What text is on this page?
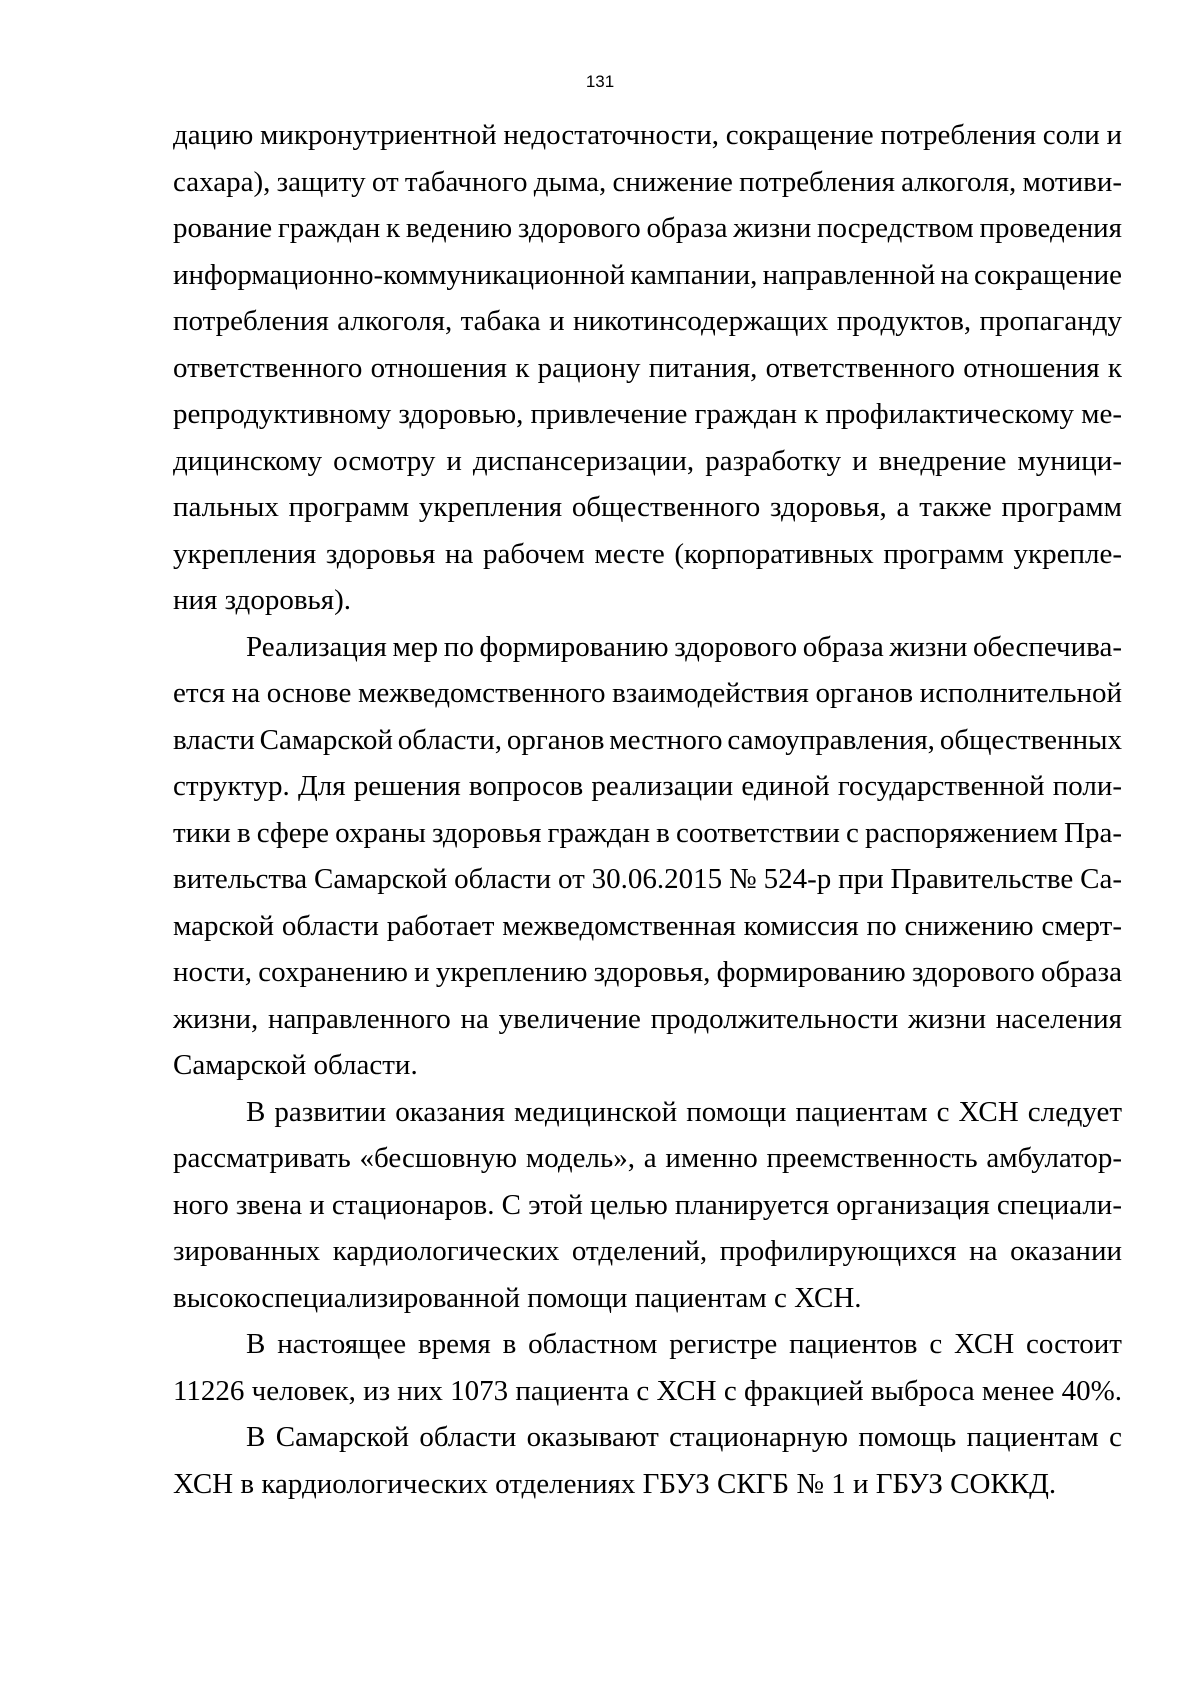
131
дацию микронутриентной недостаточности, сокращение потребления соли и
сахара), защиту от табачного дыма, снижение потребления алкоголя, мотиви-
рование граждан к ведению здорового образа жизни посредством проведения
информационно-коммуникационной кампании, направленной на сокращение
потребления алкоголя, табака и никотинсодержащих продуктов, пропаганду
ответственного отношения к рациону питания, ответственного отношения к
репродуктивному здоровью, привлечение граждан к профилактическому ме-
дицинскому осмотру и диспансеризации, разработку и внедрение муници-
пальных программ укрепления общественного здоровья, а также программ
укрепления здоровья на рабочем месте (корпоративных программ укрепле-
ния здоровья).
Реализация мер по формированию здорового образа жизни обеспечива-
ется на основе межведомственного взаимодействия органов исполнительной
власти Самарской области, органов местного самоуправления, общественных
структур. Для решения вопросов реализации единой государственной поли-
тики в сфере охраны здоровья граждан в соответствии с распоряжением Пра-
вительства Самарской области от 30.06.2015 № 524-р при Правительстве Са-
марской области работает межведомственная комиссия по снижению смерт-
ности, сохранению и укреплению здоровья, формированию здорового образа
жизни, направленного на увеличение продолжительности жизни населения
Самарской области.
В развитии оказания медицинской помощи пациентам с ХСН следует
рассматривать «бесшовную модель», а именно преемственность амбулатор-
ного звена и стационаров. С этой целью планируется организация специали-
зированных кардиологических отделений, профилирующихся на оказании
высокоспециализированной помощи пациентам с ХСН.
В настоящее время в областном регистре пациентов с ХСН состоит
11226 человек, из них 1073 пациента с ХСН с фракцией выброса менее 40%.
В Самарской области оказывают стационарную помощь пациентам с
ХСН в кардиологических отделениях ГБУЗ СКГБ № 1 и ГБУЗ СОККД.
